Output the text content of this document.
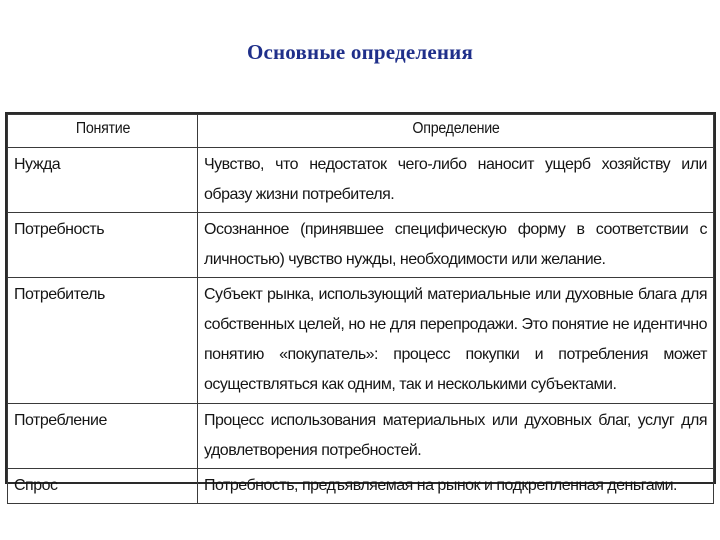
Основные определения
Понятие	Определение
Нужда	Чувство, что недостаток чего-либо наносит ущерб хозяйству или образу жизни потребителя.
Потребность	Осознанное (принявшее специфическую форму в соответствии с личностью) чувство нужды, необходимости или желание.
Потребитель	Субъект рынка, использующий материальные или духовные блага для собственных целей, но не для перепродажи. Это понятие не идентично понятию «покупатель»: процесс покупки и потребления может осуществляться как одним, так и несколькими субъектами.
Потребление	Процесс использования материальных или духовных благ, услуг для удовлетворения потребностей.
Спрос	Потребность, предъявляемая на рынок и подкрепленная деньгами.
